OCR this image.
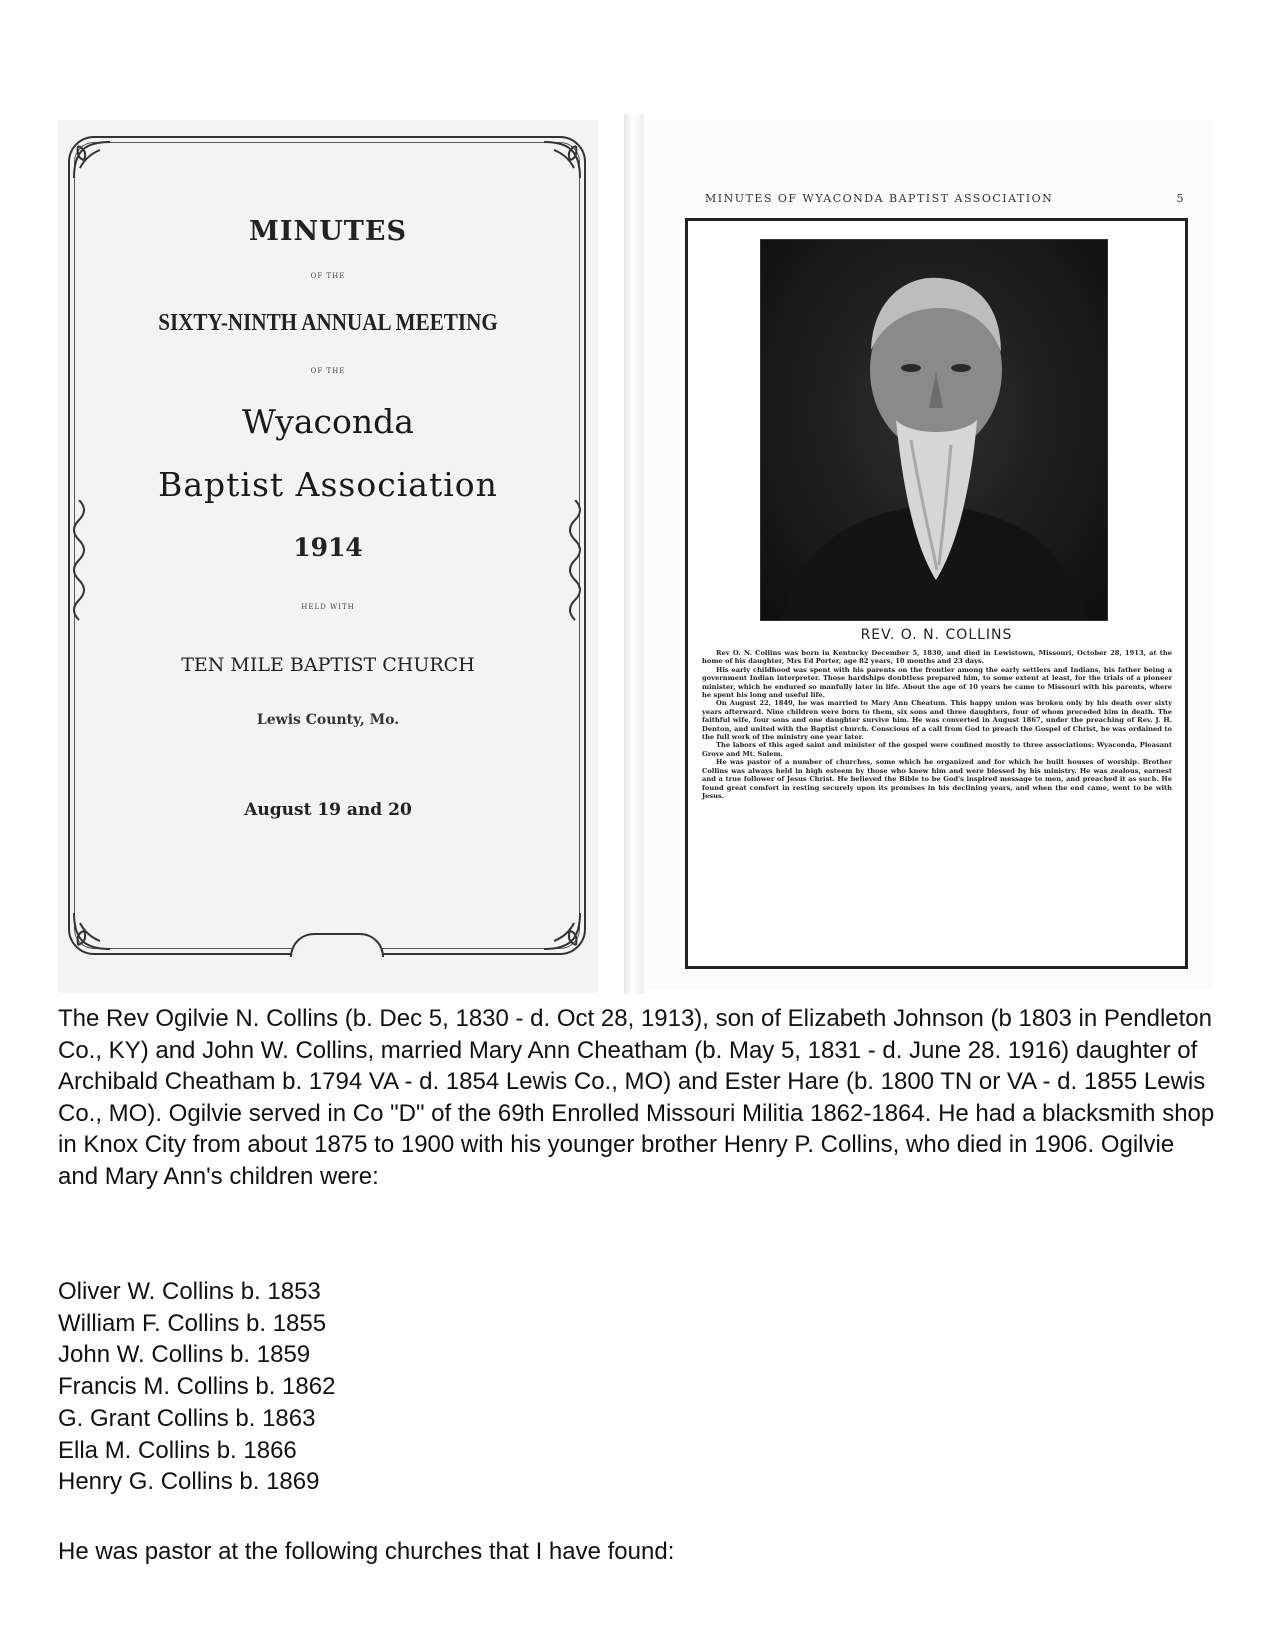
MINUTES

OF THE

SIXTY-NINTH ANNUAL MEETING

OF THE

Wyaconda

Baptist Association

1914

HELD WITH

TEN MILE BAPTIST CHURCH

Lewis County, Mo.

August 19 and 20

MINUTES OF WYACONDA BAPTIST ASSOCIATION	5
REV. O. N. COLLINS

Rev O. N. Collins was born in Kentucky December 5, 1830, and died in Lewistown, Missouri, October 28, 1913, at the home of his daughter, Mrs Ed Porter, age 82 years, 10 months and 23 days.

His early childhood was spent with his parents on the frontier among the early settlers and Indians, his father being a government Indian interpreter. Those hardships doubtless prepared him, to some extent at least, for the trials of a pioneer minister, which he endured so manfully later in life. About the age of 10 years he came to Missouri with his parents, where he spent his long and useful life.

On August 22, 1849, he was married to Mary Ann Cheatum. This happy union was broken only by his death over sixty years afterward. Nine children were born to them, six sons and three daughters, four of whom preceded him in death. The faithful wife, four sons and one daughter survive him. He was converted in August 1867, under the preaching of Rev. J. H. Denton, and united with the Baptist church. Conscious of a call from God to preach the Gospel of Christ, he was ordained to the full work of the ministry one year later.

The labors of this aged saint and minister of the gospel were confined mostly to three associations: Wyaconda, Pleasant Grove and Mt. Salem.

He was pastor of a number of churches, some which he organized and for which he built houses of worship. Brother Collins was always held in high esteem by those who knew him and were blessed by his ministry. He was zealous, earnest and a true follower of Jesus Christ. He believed the Bible to be God's inspired message to men, and preached it as such. He found great comfort in resting securely upon its promises in his declining years, and when the end came, went to be with Jesus.

The Rev Ogilvie N. Collins (b. Dec 5, 1830 - d. Oct 28, 1913), son of Elizabeth Johnson (b 1803 in Pendleton Co., KY) and John W. Collins, married Mary Ann Cheatham (b. May 5, 1831 - d. June 28. 1916) daughter of Archibald Cheatham b. 1794 VA - d. 1854 Lewis Co., MO) and Ester Hare (b. 1800 TN or VA - d. 1855 Lewis Co., MO). Ogilvie served in Co "D" of the 69th Enrolled Missouri Militia 1862-1864. He had a blacksmith shop in Knox City from about 1875 to 1900 with his younger brother Henry P. Collins, who died in 1906. Ogilvie and Mary Ann's children were:

Oliver W. Collins b. 1853
William F. Collins b. 1855
John W. Collins b. 1859
Francis M. Collins b. 1862
G. Grant Collins b. 1863
Ella M. Collins b. 1866
Henry G. Collins b. 1869

He was pastor at the following churches that I have found:
